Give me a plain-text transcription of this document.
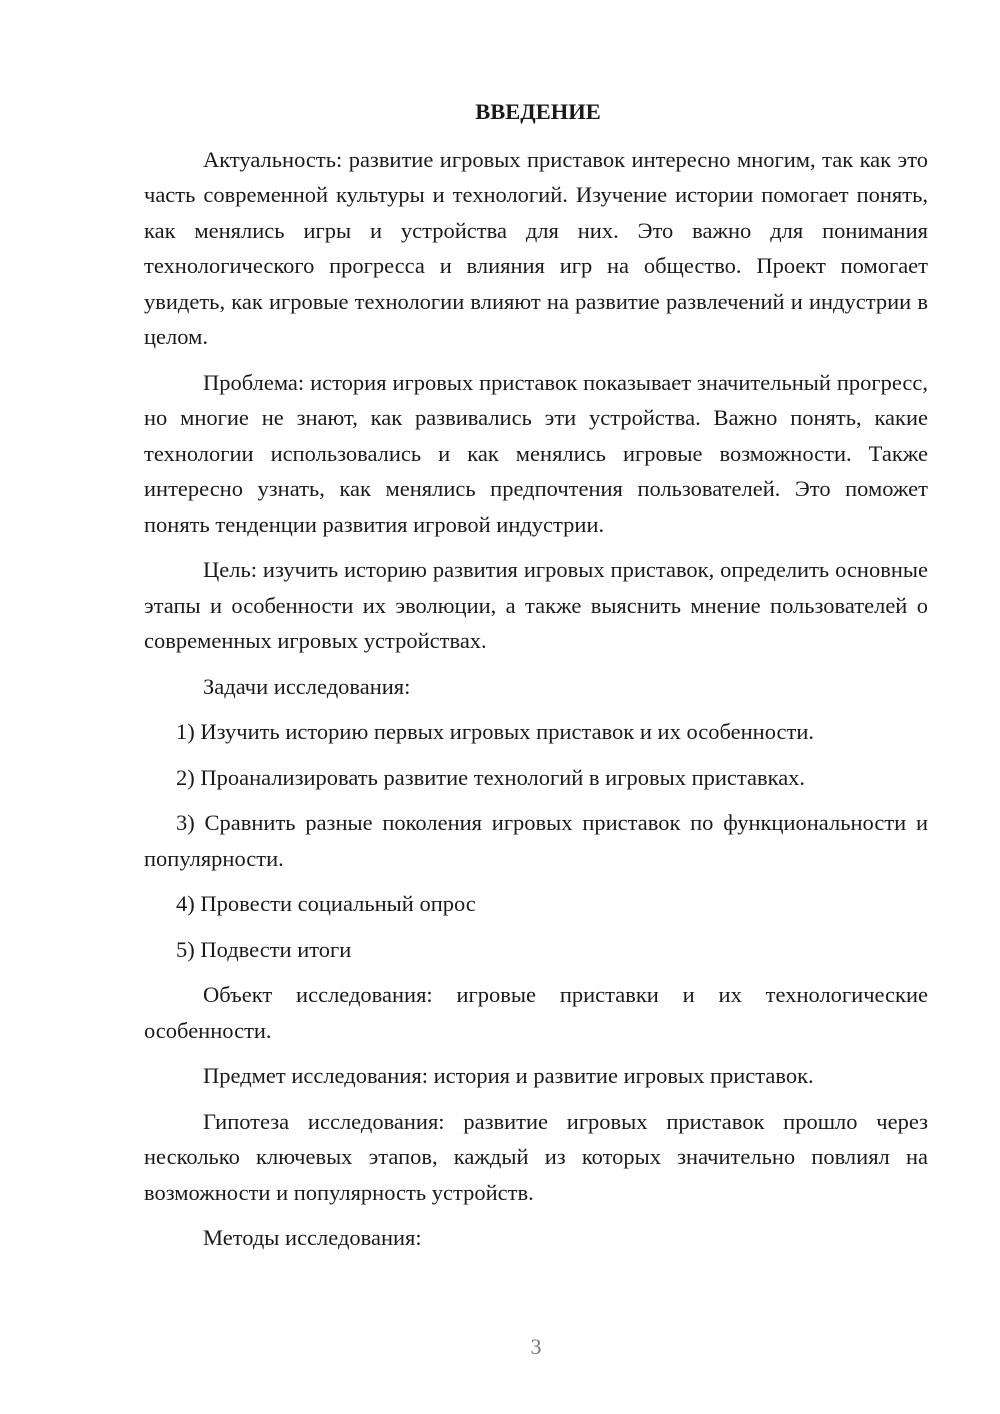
ВВЕДЕНИЕ

Актуальность: развитие игровых приставок интересно многим, так как это часть современной культуры и технологий. Изучение истории помогает понять, как менялись игры и устройства для них. Это важно для понимания технологического прогресса и влияния игр на общество. Проект помогает увидеть, как игровые технологии влияют на развитие развлечений и индустрии в целом.

Проблема: история игровых приставок показывает значительный прогресс, но многие не знают, как развивались эти устройства. Важно понять, какие технологии использовались и как менялись игровые возможности. Также интересно узнать, как менялись предпочтения пользователей. Это поможет понять тенденции развития игровой индустрии.

Цель: изучить историю развития игровых приставок, определить основные этапы и особенности их эволюции, а также выяснить мнение пользователей о современных игровых устройствах.

Задачи исследования:

1) Изучить историю первых игровых приставок и их особенности.

2) Проанализировать развитие технологий в игровых приставках.

3) Сравнить разные поколения игровых приставок по функциональности и популярности.

4) Провести социальный опрос

5) Подвести итоги

Объект исследования: игровые приставки и их технологические особенности.

Предмет исследования: история и развитие игровых приставок.

Гипотеза исследования: развитие игровых приставок прошло через несколько ключевых этапов, каждый из которых значительно повлиял на возможности и популярность устройств.

Методы исследования:

3
